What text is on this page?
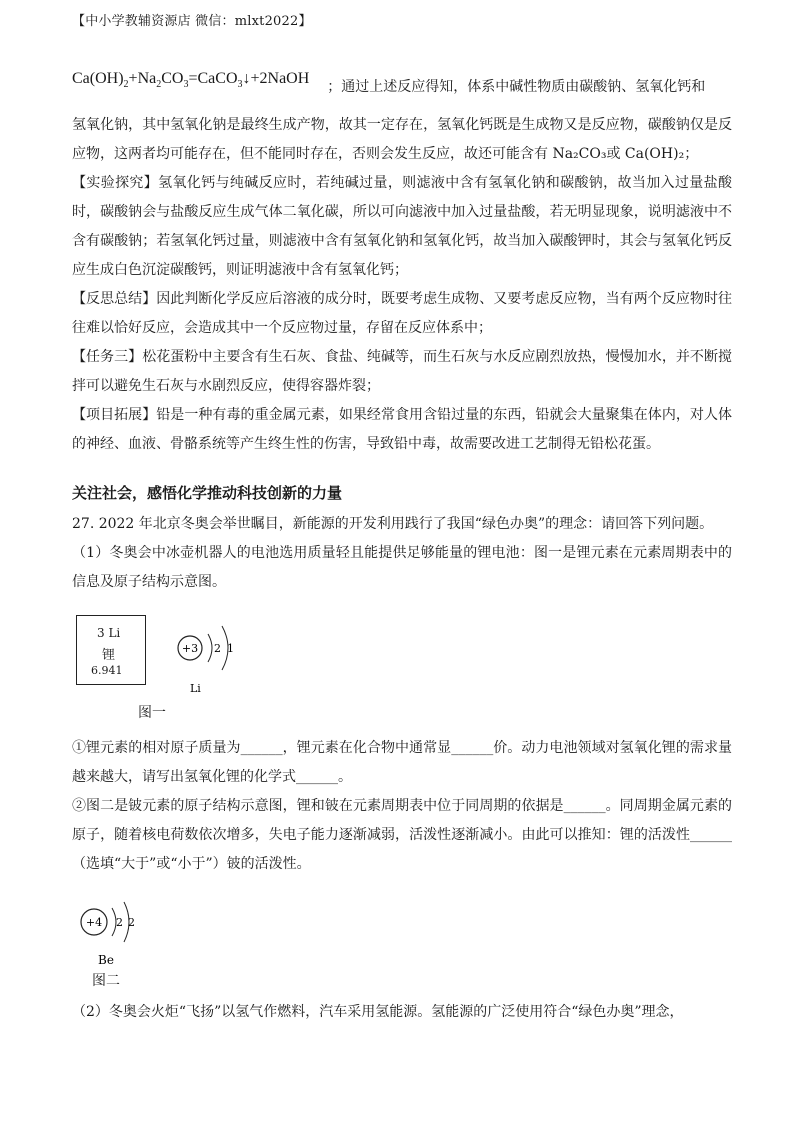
【中小学教辅资源店 微信：mlxt2022】
$Ca(OH)_2+Na_2CO_3=CaCO_3↓+2NaOH$ ；通过上述反应得知，体系中碱性物质由碳酸钠、氢氧化钙和

氢氧化钠，其中氢氧化钠是最终生成产物，故其一定存在，氢氧化钙既是生成物又是反应物，碳酸钠仅是反应物，这两者均可能存在，但不能同时存在，否则会发生反应，故还可能含有 Na₂CO₃或 Ca(OH)₂；

【实验探究】氢氧化钙与纯碱反应时，若纯碱过量，则滤液中含有氢氧化钠和碳酸钠，故当加入过量盐酸时，碳酸钠会与盐酸反应生成气体二氧化碳，所以可向滤液中加入过量盐酸，若无明显现象，说明滤液中不含有碳酸钠；若氢氧化钙过量，则滤液中含有氢氧化钠和氢氧化钙，故当加入碳酸钾时，其会与氢氧化钙反应生成白色沉淀碳酸钙，则证明滤液中含有氢氧化钙；

【反思总结】因此判断化学反应后溶液的成分时，既要考虑生成物、又要考虑反应物，当有两个反应物时往往难以恰好反应，会造成其中一个反应物过量，存留在反应体系中；

【任务三】松花蛋粉中主要含有生石灰、食盐、纯碱等，而生石灰与水反应剧烈放热，慢慢加水，并不断搅拌可以避免生石灰与水剧烈反应，使得容器炸裂；

【项目拓展】铅是一种有毒的重金属元素，如果经常食用含铅过量的东西，铅就会大量聚集在体内，对人体的神经、血液、骨骼系统等产生终生性的伤害，导致铅中毒，故需要改进工艺制得无铅松花蛋。

关注社会，感悟化学推动科技创新的力量

27. 2022 年北京冬奥会举世瞩目，新能源的开发利用践行了我国“绿色办奥”的理念：请回答下列问题。

（1）冬奥会中冰壶机器人的电池选用质量轻且能提供足够能量的锂电池：图一是锂元素在元素周期表中的信息及原子结构示意图。

3 Li
锂
6.941
+3 2 1
Li
图一

①锂元素的相对原子质量为______，锂元素在化合物中通常显______价。动力电池领域对氢氧化锂的需求量越来越大，请写出氢氧化锂的化学式______。

②图二是铍元素的原子结构示意图，锂和铍在元素周期表中位于同周期的依据是______。同周期金属元素的原子，随着核电荷数依次增多，失电子能力逐渐减弱，活泼性逐渐减小。由此可以推知：锂的活泼性______（选填“大于”或“小于”）铍的活泼性。

+4 2 2
Be
图二

（2）冬奥会火炬“飞扬”以氢气作燃料，汽车采用氢能源。氢能源的广泛使用符合“绿色办奥”理念，
